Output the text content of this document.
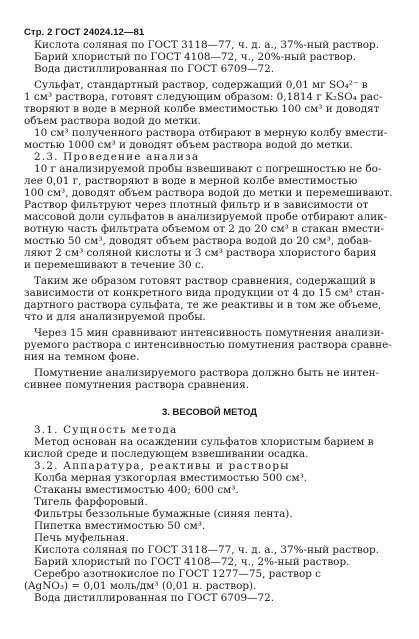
Стр. 2 ГОСТ 24024.12—81
Кислота соляная по ГОСТ 3118—77, ч. д. а., 37%-ный раствор.
Барий хлористый по ГОСТ 4108—72, ч., 20%-ный раствор.
Вода дистиллированная по ГОСТ 6709—72.
Сульфат, стандартный раствор, содержащий 0,01 мг SO₄²⁻ в
1 см³ раствора, готовят следующим образом: 0,1814 г K₂SO₄ рас-
творяют в воде в мерной колбе вместимостью 100 см³ и доводят
объем раствора водой до метки.
10 см³ полученного раствора отбирают в мерную колбу вмести-
мостью 1000 см³ и доводят объем раствора водой до метки.
2.3. Проведение анализа
10 г анализируемой пробы взвешивают с погрешностью не бо-
лее 0,01 г, растворяют в воде в мерной колбе вместимостью
100 см³, доводят объем раствора водой до метки и перемешивают.
Раствор фильтруют через плотный фильтр и в зависимости от
массовой доли сульфатов в анализируемой пробе отбирают алик-
вотную часть фильтрата объемом от 2 до 20 см³ в стакан вмести-
мостью 50 см³, доводят объем раствора водой до 20 см³, добав-
ляют 2 см³ соляной кислоты и 3 см³ раствора хлористого бария
и перемешивают в течение 30 с.
Таким же образом готовят раствор сравнения, содержащий в
зависимости от конкретного вида продукции от 4 до 15 см³ стан-
дартного раствора сульфата, те же реактивы и в том же объеме,
что и для анализируемой пробы.
Через 15 мин сравнивают интенсивность помутнения анализи-
руемого раствора с интенсивностью помутнения раствора сравне-
ния на темном фоне.
Помутнение анализируемого раствора должно быть не интен-
сивнее помутнения раствора сравнения.
3. ВЕСОВОЙ МЕТОД
3.1. Сущность метода
Метод основан на осаждении сульфатов хлористым барием в
кислой среде и последующем взвешивании осадка.
3.2. Аппаратура, реактивы и растворы
Колба мерная узкогорлая вместимостью 500 см³.
Стаканы вместимостью 400; 600 см³.
Тигель фарфоровый.
Фильтры беззольные бумажные (синяя лента).
Пипетка вместимостью 50 см³.
Печь муфельная.
Кислота соляная по ГОСТ 3118—77, ч. д. а., 37%-ный раствор.
Барий хлористый по ГОСТ 4108—72, ч., 2%-ный раствор.
Серебро азотнокислое по ГОСТ 1277—75, раствор с
(AgNO₃) = 0,01 моль/дм³ (0,01 н. раствор).
Вода дистиллированная по ГОСТ 6709—72.
